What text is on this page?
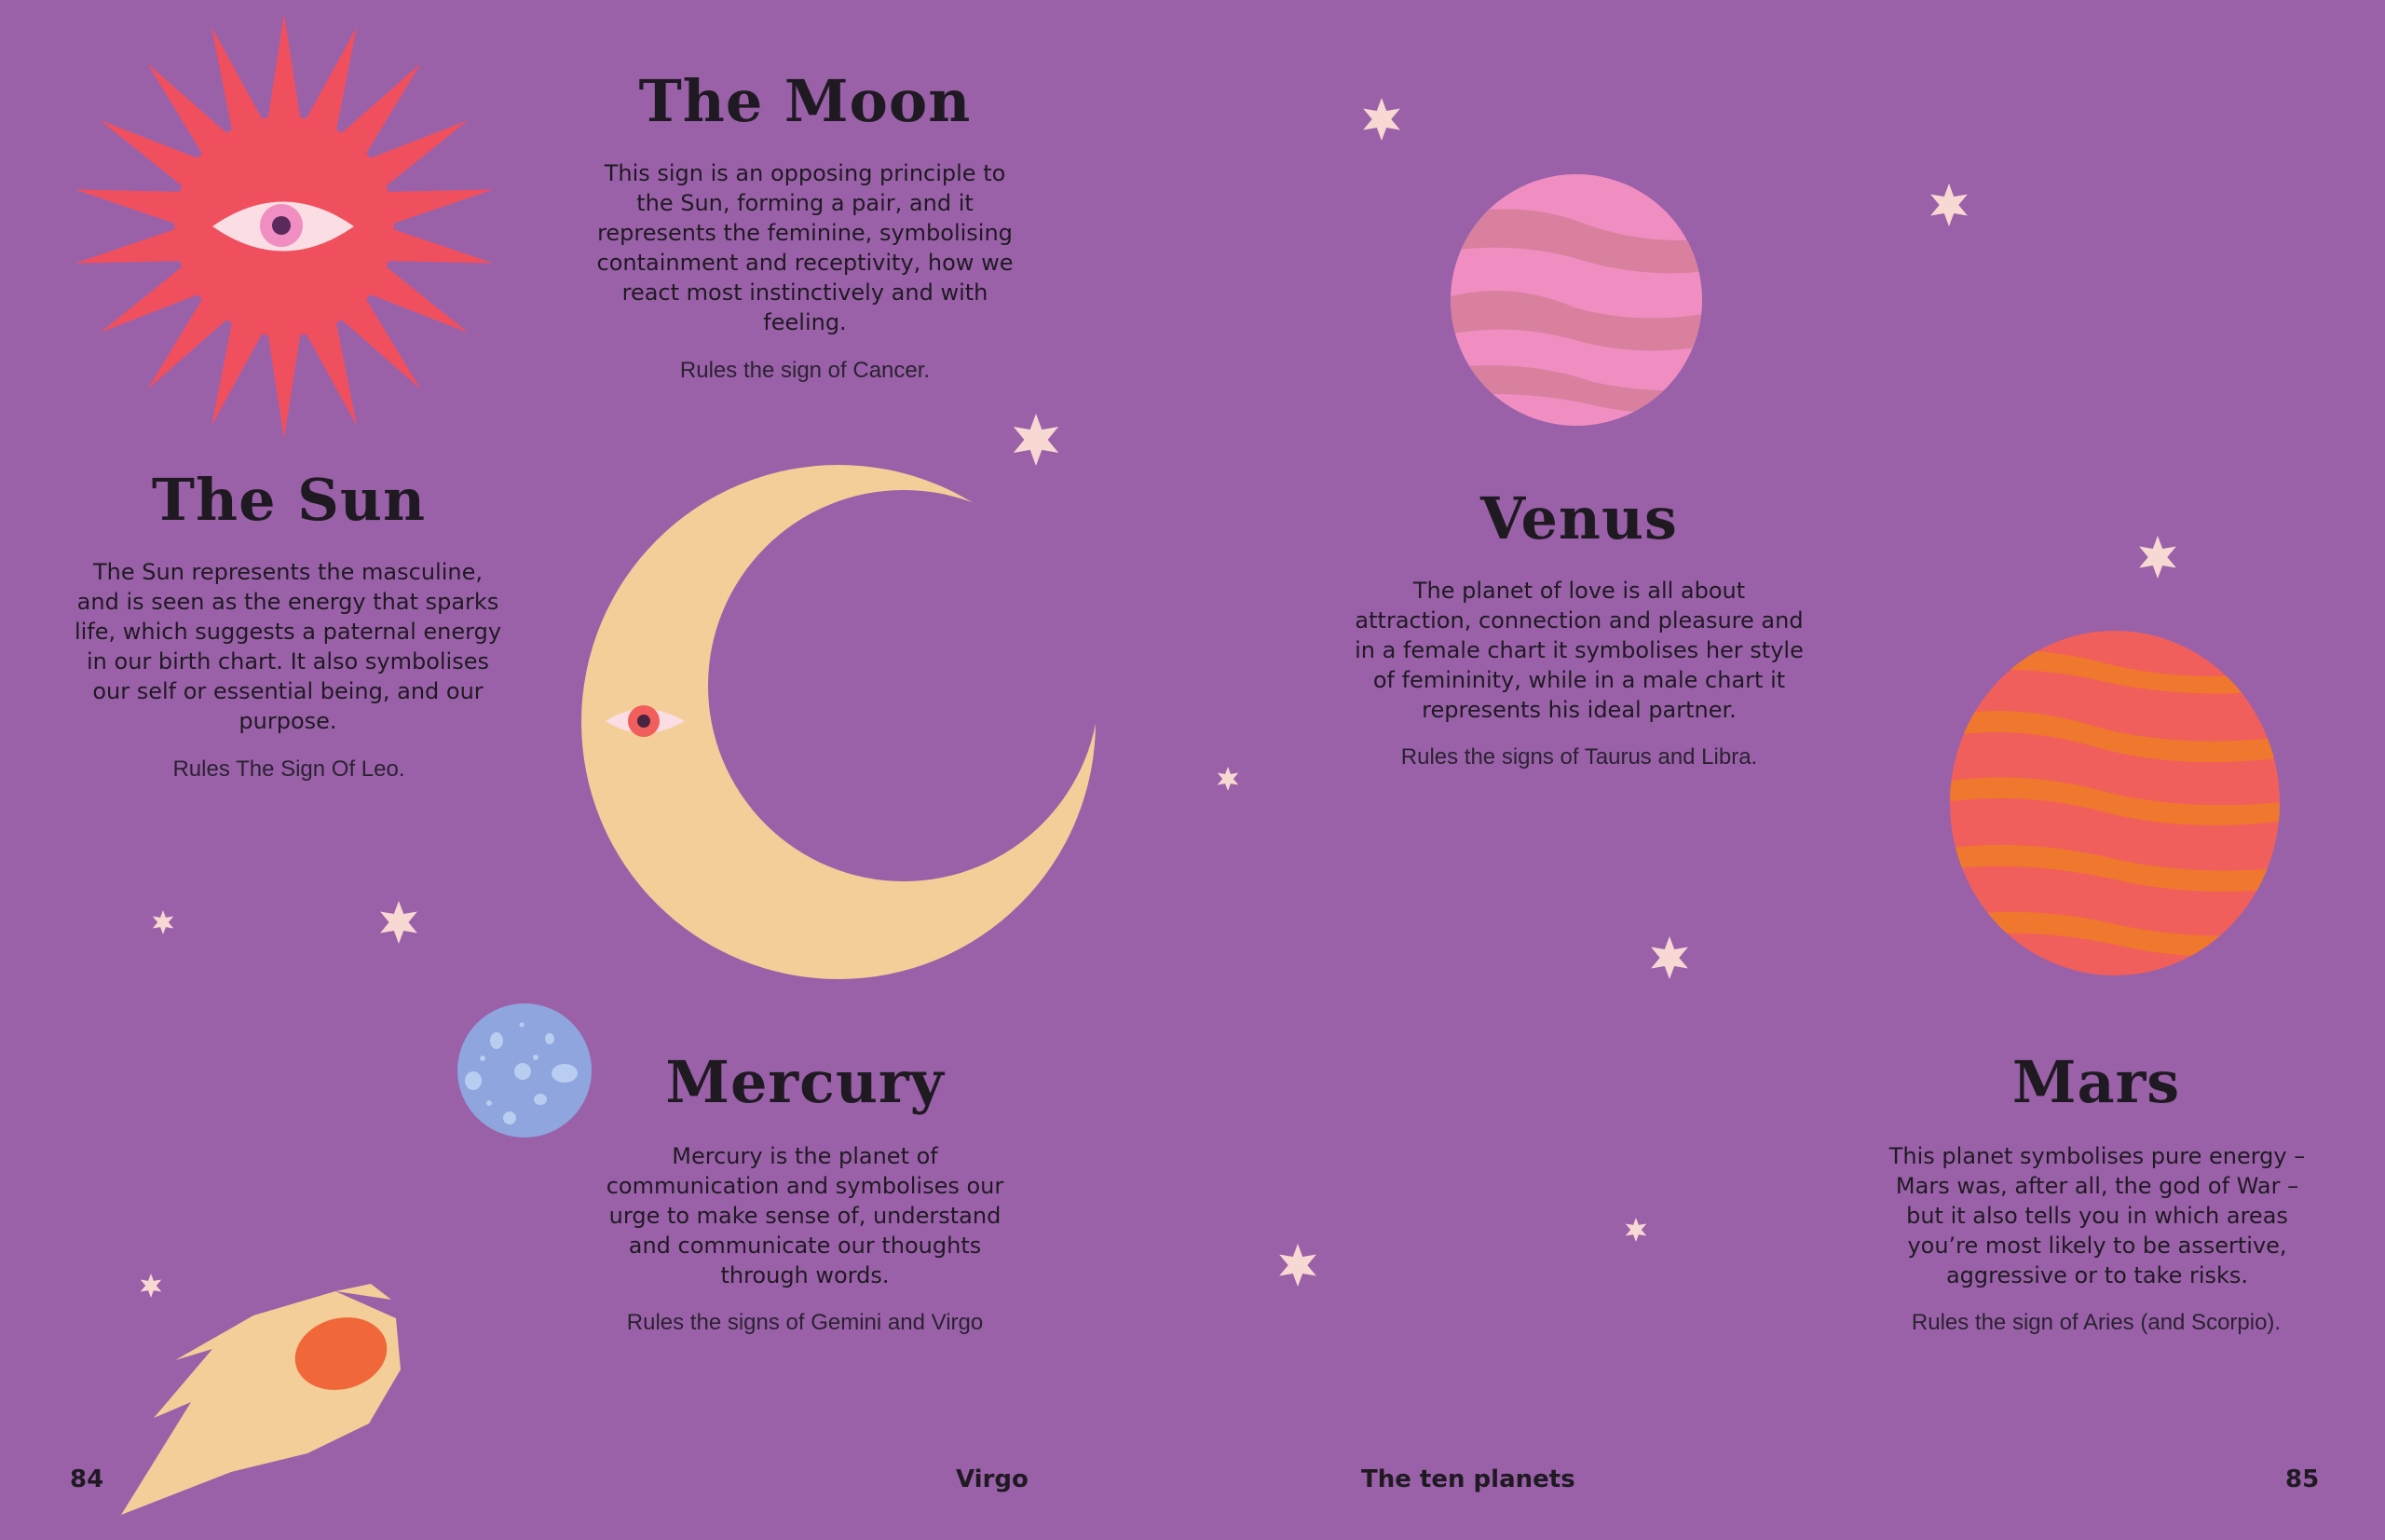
The Sun

The Sun represents the masculine, and is seen as the energy that sparks life, which suggests a paternal energy in our birth chart. It also symbolises our self or essential being, and our purpose.

Rules The Sign Of Leo.

The Moon

This sign is an opposing principle to the Sun, forming a pair, and it represents the feminine, symbolising containment and receptivity, how we react most instinctively and with feeling.

Rules the sign of Cancer.

Mercury

Mercury is the planet of communication and symbolises our urge to make sense of, understand and communicate our thoughts through words.

Rules the signs of Gemini and Virgo

Venus

The planet of love is all about attraction, connection and pleasure and in a female chart it symbolises her style of femininity, while in a male chart it represents his ideal partner.

Rules the signs of Taurus and Libra.

Mars

This planet symbolises pure energy – Mars was, after all, the god of War – but it also tells you in which areas you’re most likely to be assertive, aggressive or to take risks.

Rules the sign of Aries (and Scorpio).

84	Virgo	The ten planets	85
